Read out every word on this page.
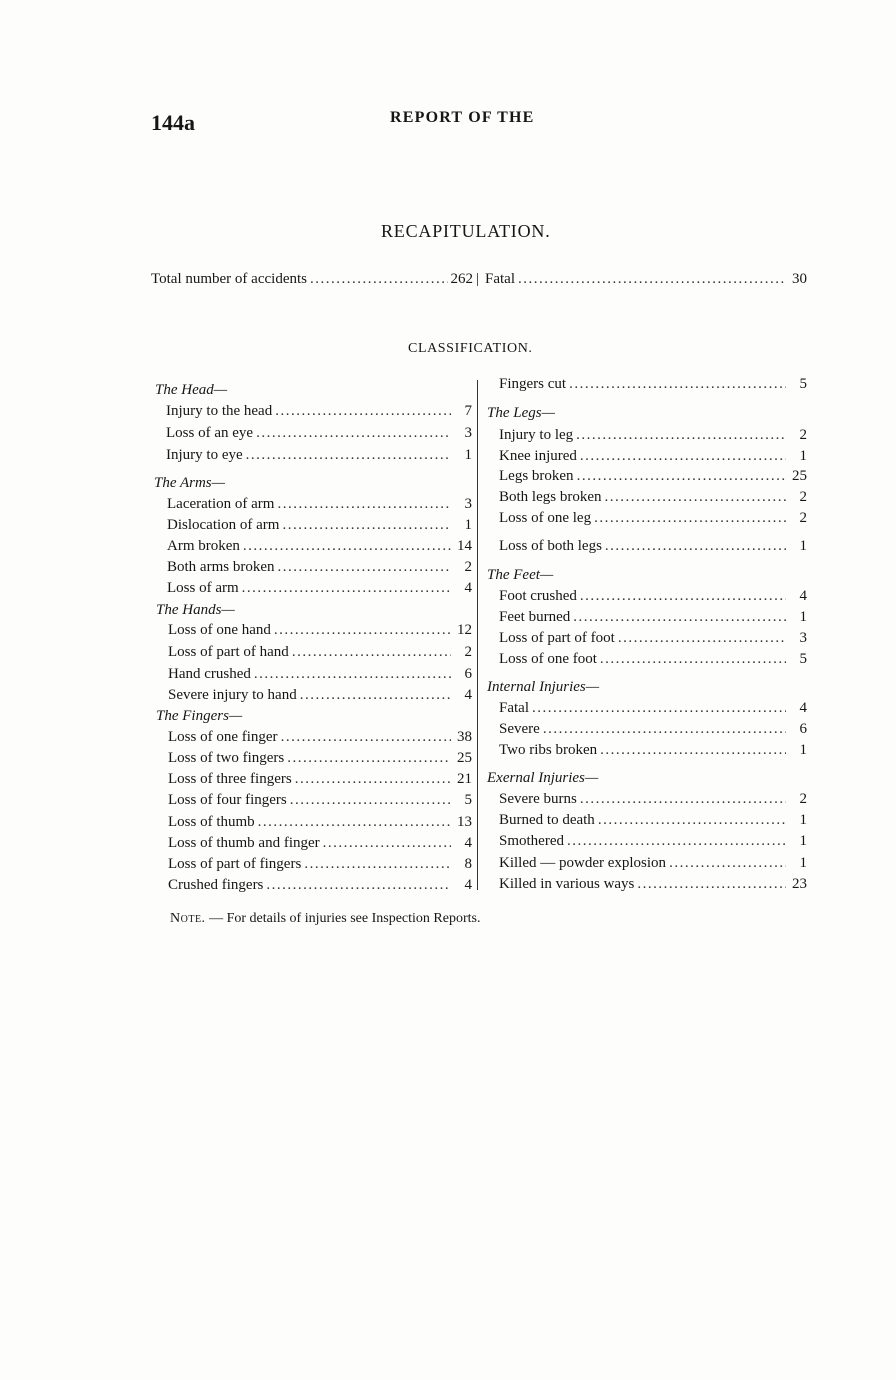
144a	REPORT OF THE
RECAPITULATION.
Total number of accidents .....	262 | Fatal .....	30
CLASSIFICATION.
The Head—
Injury to the head .....	7
Loss of an eye .....	3
Injury to eye .....	1
The Arms—
Laceration of arm .....	3
Dislocation of arm .....	1
Arm broken .....	14
Both arms broken .....	2
Loss of arm .....	4
The Hands—
Loss of one hand .....	12
Loss of part of hand .....	2
Hand crushed .....	6
Severe injury to hand .....	4
The Fingers—
Loss of one finger .....	38
Loss of two fingers .....	25
Loss of three fingers .....	21
Loss of four fingers .....	5
Loss of thumb .....	13
Loss of thumb and finger .....	4
Loss of part of fingers .....	8
Crushed fingers .....	4
Fingers cut .....	5
The Legs—
Injury to leg .....	2
Knee injured .....	1
Legs broken .....	25
Both legs broken .....	2
Loss of one leg .....	2
Loss of both legs .....	1
The Feet—
Foot crushed .....	4
Feet burned .....	1
Loss of part of foot .....	3
Loss of one foot .....	5
Internal Injuries—
Fatal .....	4
Severe .....	6
Two ribs broken .....	1
Exernal Injuries—
Severe burns .....	2
Burned to death .....	1
Smothered .....	1
Killed — powder explosion .....	1
Killed in various ways .....	23
Note. — For details of injuries see Inspection Reports.
